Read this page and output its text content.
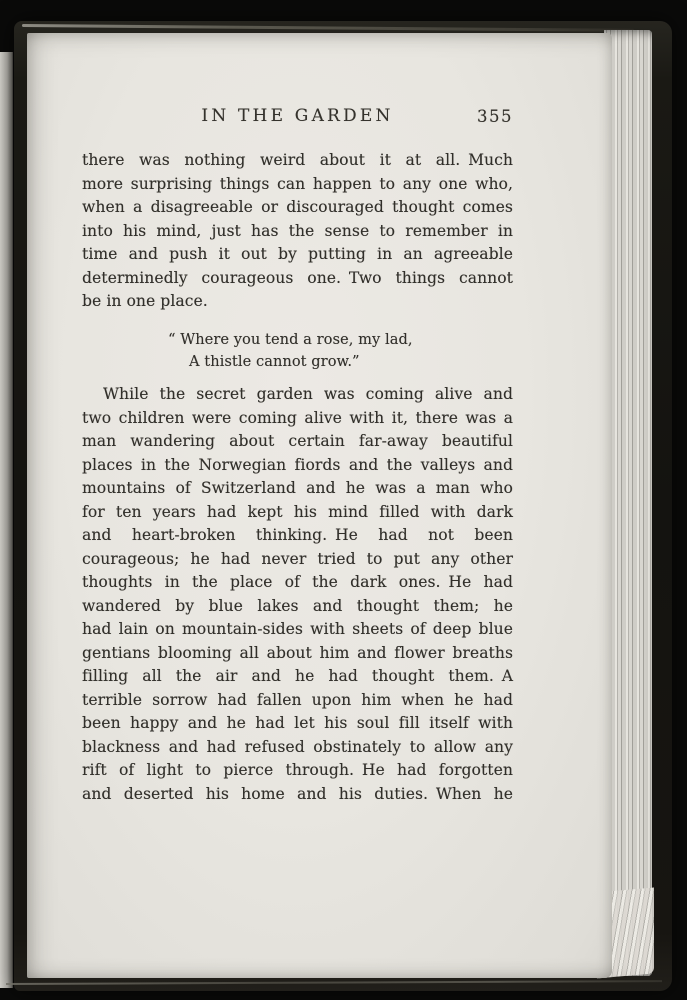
IN THE GARDEN	355
there was nothing weird about it at all. Much
more surprising things can happen to any one who,
when a disagreeable or discouraged thought comes
into his mind, just has the sense to remember in
time and push it out by putting in an agreeable
determinedly courageous one. Two things cannot
be in one place.
“ Where you tend a rose, my lad,
A thistle cannot grow.”
While the secret garden was coming alive and
two children were coming alive with it, there was a
man wandering about certain far-away beautiful
places in the Norwegian fiords and the valleys and
mountains of Switzerland and he was a man who
for ten years had kept his mind filled with dark
and heart-broken thinking. He had not been
courageous; he had never tried to put any other
thoughts in the place of the dark ones. He had
wandered by blue lakes and thought them; he
had lain on mountain-sides with sheets of deep blue
gentians blooming all about him and flower breaths
filling all the air and he had thought them. A
terrible sorrow had fallen upon him when he had
been happy and he had let his soul fill itself with
blackness and had refused obstinately to allow any
rift of light to pierce through. He had forgotten
and deserted his home and his duties. When he
